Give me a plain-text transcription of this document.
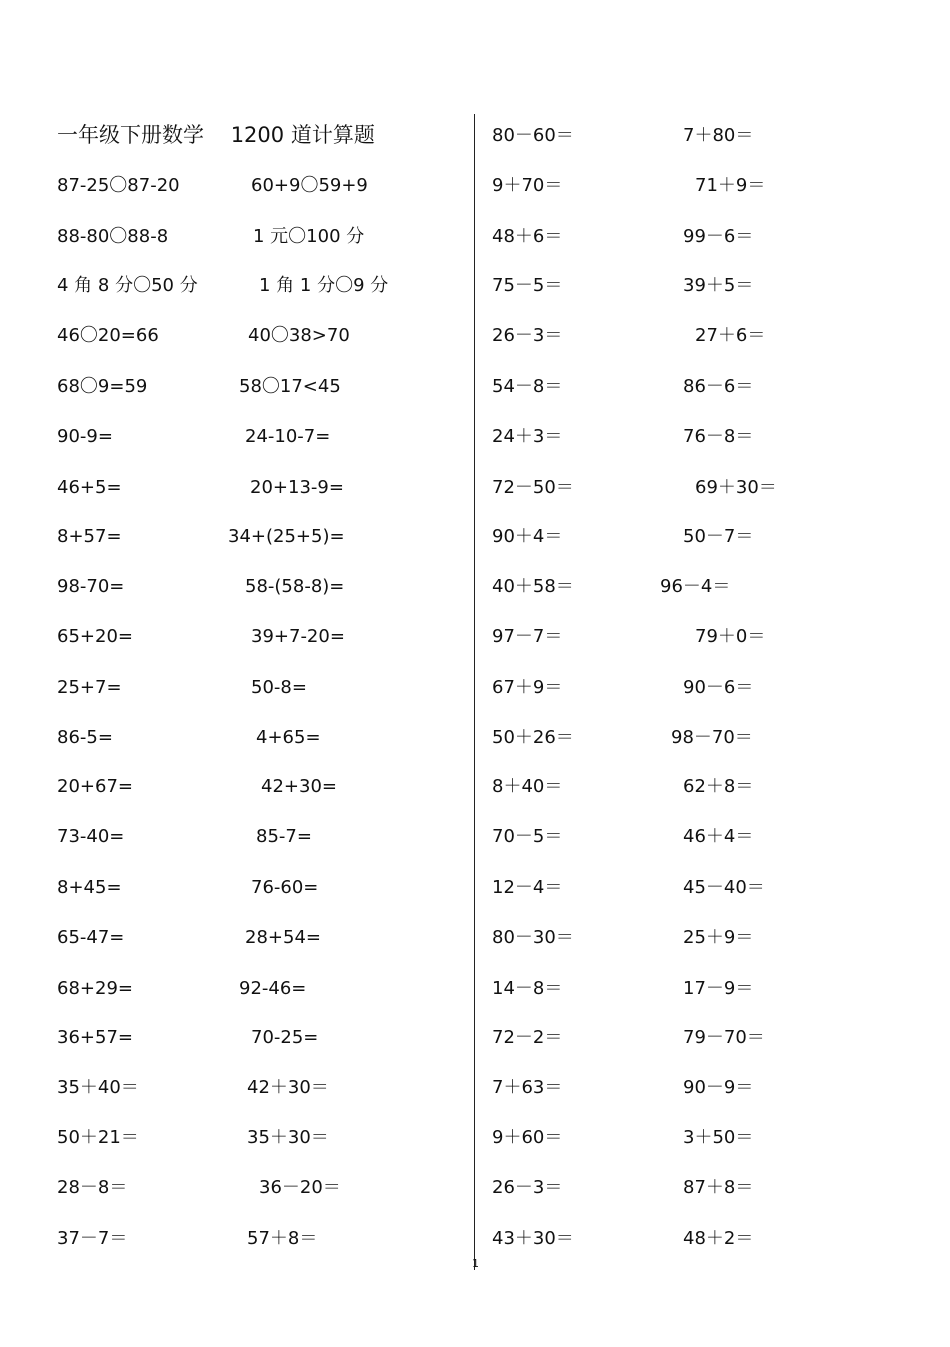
一年级下册数学    1200 道计算题
87-25〇87-20	60+9〇59+9
88-80〇88-8	1 元〇100 分
4 角 8 分〇50 分	1 角 1 分〇9 分
46〇20=66	40〇38>70
68〇9=59	58〇17<45
90-9=	24-10-7=
46+5=	20+13-9=
8+57=	34+(25+5)=
98-70=	58-(58-8)=
65+20=	39+7-20=
25+7=	50-8=
86-5=	4+65=
20+67=	42+30=
73-40=	85-7=
8+45=	76-60=
65-47=	28+54=
68+29=	92-46=
36+57=	70-25=
35＋40＝	42＋30＝
50＋21＝	35＋30＝
28－8＝	36－20＝
37－7＝	57＋8＝
80－60＝	7＋80＝
9＋70＝	71＋9＝
48＋6＝	99－6＝
75－5＝	39＋5＝
26－3＝	27＋6＝
54－8＝	86－6＝
24＋3＝	76－8＝
72－50＝	69＋30＝
90＋4＝	50－7＝
40＋58＝	96－4＝
97－7＝	79＋0＝
67＋9＝	90－6＝
50＋26＝	98－70＝
8＋40＝	62＋8＝
70－5＝	46＋4＝
12－4＝	45－40＝
80－30＝	25＋9＝
14－8＝	17－9＝
72－2＝	79－70＝
7＋63＝	90－9＝
9＋60＝	3＋50＝
26－3＝	87＋8＝
43＋30＝	48＋2＝
1
